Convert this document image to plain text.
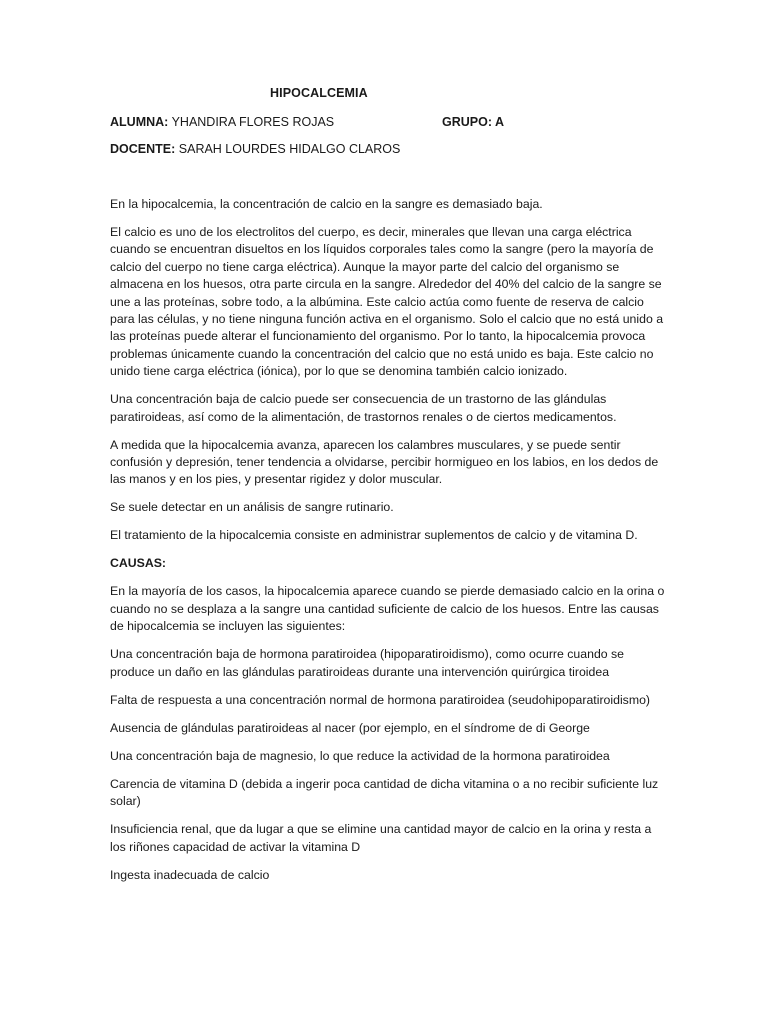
HIPOCALCEMIA
ALUMNA: YHANDIRA FLORES ROJAS	GRUPO: A
DOCENTE: SARAH LOURDES HIDALGO CLAROS

En la hipocalcemia, la concentración de calcio en la sangre es demasiado baja.

El calcio es uno de los electrolitos del cuerpo, es decir, minerales que llevan una carga eléctrica cuando se encuentran disueltos en los líquidos corporales tales como la sangre (pero la mayoría de calcio del cuerpo no tiene carga eléctrica). Aunque la mayor parte del calcio del organismo se almacena en los huesos, otra parte circula en la sangre. Alrededor del 40% del calcio de la sangre se une a las proteínas, sobre todo, a la albúmina. Este calcio actúa como fuente de reserva de calcio para las células, y no tiene ninguna función activa en el organismo. Solo el calcio que no está unido a las proteínas puede alterar el funcionamiento del organismo. Por lo tanto, la hipocalcemia provoca problemas únicamente cuando la concentración del calcio que no está unido es baja. Este calcio no unido tiene carga eléctrica (iónica), por lo que se denomina también calcio ionizado.

Una concentración baja de calcio puede ser consecuencia de un trastorno de las glándulas paratiroideas, así como de la alimentación, de trastornos renales o de ciertos medicamentos.

A medida que la hipocalcemia avanza, aparecen los calambres musculares, y se puede sentir confusión y depresión, tener tendencia a olvidarse, percibir hormigueo en los labios, en los dedos de las manos y en los pies, y presentar rigidez y dolor muscular.

Se suele detectar en un análisis de sangre rutinario.

El tratamiento de la hipocalcemia consiste en administrar suplementos de calcio y de vitamina D.

CAUSAS:

En la mayoría de los casos, la hipocalcemia aparece cuando se pierde demasiado calcio en la orina o cuando no se desplaza a la sangre una cantidad suficiente de calcio de los huesos. Entre las causas de hipocalcemia se incluyen las siguientes:

Una concentración baja de hormona paratiroidea (hipoparatiroidismo), como ocurre cuando se produce un daño en las glándulas paratiroideas durante una intervención quirúrgica tiroidea

Falta de respuesta a una concentración normal de hormona paratiroidea (seudohipoparatiroidismo)

Ausencia de glándulas paratiroideas al nacer (por ejemplo, en el síndrome de di George

Una concentración baja de magnesio, lo que reduce la actividad de la hormona paratiroidea

Carencia de vitamina D (debida a ingerir poca cantidad de dicha vitamina o a no recibir suficiente luz solar)

Insuficiencia renal, que da lugar a que se elimine una cantidad mayor de calcio en la orina y resta a los riñones capacidad de activar la vitamina D

Ingesta inadecuada de calcio
